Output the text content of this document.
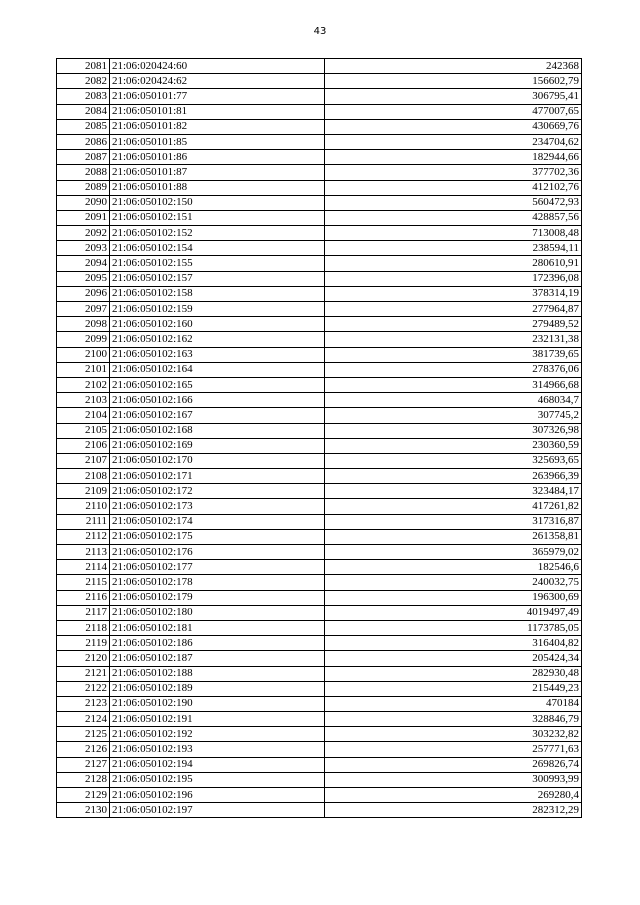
43
2081	21:06:020424:60	242368
2082	21:06:020424:62	156602,79
2083	21:06:050101:77	306795,41
2084	21:06:050101:81	477007,65
2085	21:06:050101:82	430669,76
2086	21:06:050101:85	234704,62
2087	21:06:050101:86	182944,66
2088	21:06:050101:87	377702,36
2089	21:06:050101:88	412102,76
2090	21:06:050102:150	560472,93
2091	21:06:050102:151	428857,56
2092	21:06:050102:152	713008,48
2093	21:06:050102:154	238594,11
2094	21:06:050102:155	280610,91
2095	21:06:050102:157	172396,08
2096	21:06:050102:158	378314,19
2097	21:06:050102:159	277964,87
2098	21:06:050102:160	279489,52
2099	21:06:050102:162	232131,38
2100	21:06:050102:163	381739,65
2101	21:06:050102:164	278376,06
2102	21:06:050102:165	314966,68
2103	21:06:050102:166	468034,7
2104	21:06:050102:167	307745,2
2105	21:06:050102:168	307326,98
2106	21:06:050102:169	230360,59
2107	21:06:050102:170	325693,65
2108	21:06:050102:171	263966,39
2109	21:06:050102:172	323484,17
2110	21:06:050102:173	417261,82
2111	21:06:050102:174	317316,87
2112	21:06:050102:175	261358,81
2113	21:06:050102:176	365979,02
2114	21:06:050102:177	182546,6
2115	21:06:050102:178	240032,75
2116	21:06:050102:179	196300,69
2117	21:06:050102:180	4019497,49
2118	21:06:050102:181	1173785,05
2119	21:06:050102:186	316404,82
2120	21:06:050102:187	205424,34
2121	21:06:050102:188	282930,48
2122	21:06:050102:189	215449,23
2123	21:06:050102:190	470184
2124	21:06:050102:191	328846,79
2125	21:06:050102:192	303232,82
2126	21:06:050102:193	257771,63
2127	21:06:050102:194	269826,74
2128	21:06:050102:195	300993,99
2129	21:06:050102:196	269280,4
2130	21:06:050102:197	282312,29
